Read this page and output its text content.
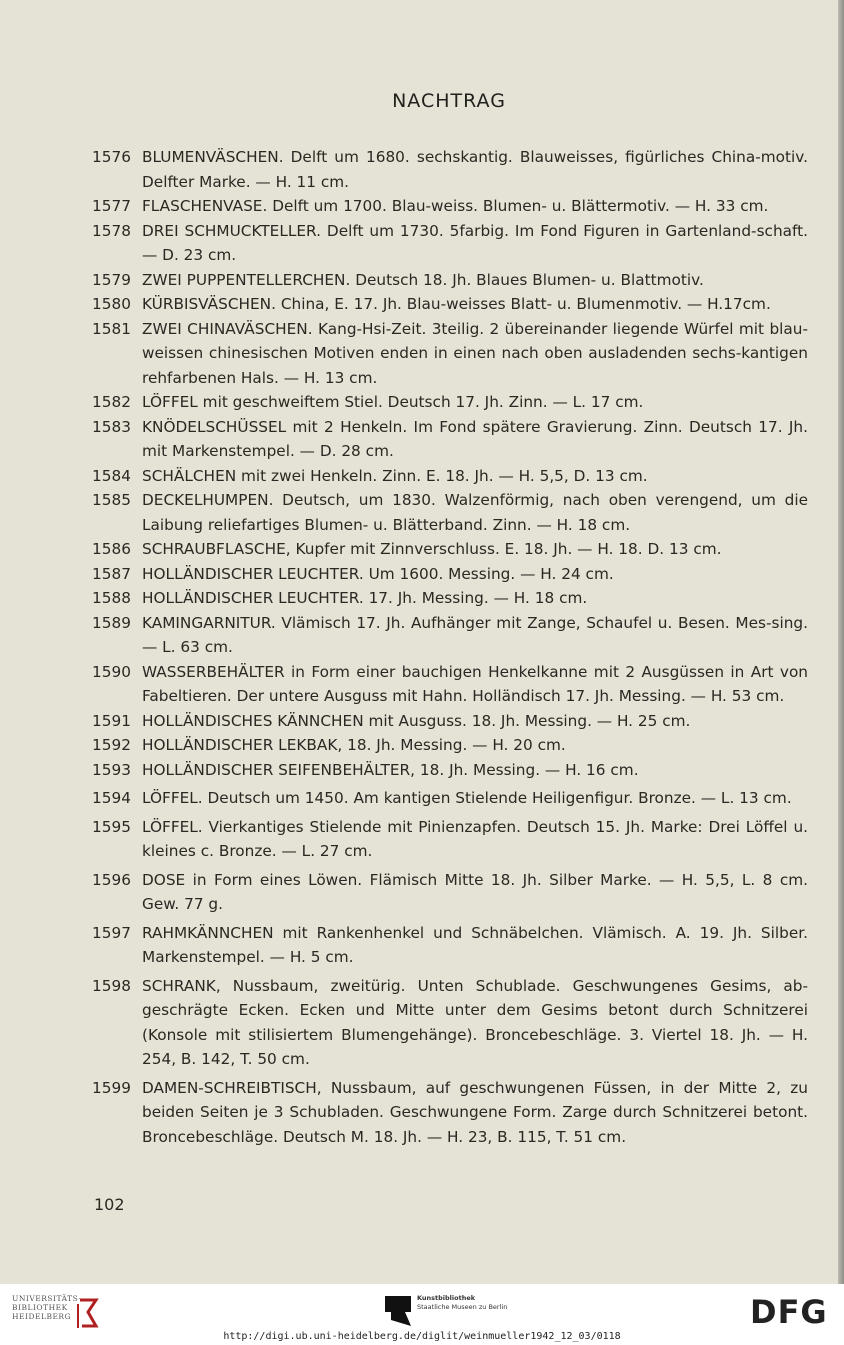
NACHTRAG
1576 BLUMENVÄSCHEN. Delft um 1680. sechskantig. Blauweisses, figürliches China-motiv. Delfter Marke. — H. 11 cm.
1577 FLASCHENVASE. Delft um 1700. Blau-weiss. Blumen- u. Blättermotiv. — H. 33 cm.
1578 DREI SCHMUCKTELLER. Delft um 1730. 5farbig. Im Fond Figuren in Gartenland-schaft. — D. 23 cm.
1579 ZWEI PUPPENTELLERCHEN. Deutsch 18. Jh. Blaues Blumen- u. Blattmotiv.
1580 KÜRBISVÄSCHEN. China, E. 17. Jh. Blau-weisses Blatt- u. Blumenmotiv. — H.17cm.
1581 ZWEI CHINAVÄSCHEN. Kang-Hsi-Zeit. 3teilig. 2 übereinander liegende Würfel mit blau-weissen chinesischen Motiven enden in einen nach oben ausladenden sechs-kantigen rehfarbenen Hals. — H. 13 cm.
1582 LÖFFEL mit geschweiftem Stiel. Deutsch 17. Jh. Zinn. — L. 17 cm.
1583 KNÖDELSCHÜSSEL mit 2 Henkeln. Im Fond spätere Gravierung. Zinn. Deutsch 17. Jh. mit Markenstempel. — D. 28 cm.
1584 SCHÄLCHEN mit zwei Henkeln. Zinn. E. 18. Jh. — H. 5,5, D. 13 cm.
1585 DECKELHUMPEN. Deutsch, um 1830. Walzenförmig, nach oben verengend, um die Laibung reliefartiges Blumen- u. Blätterband. Zinn. — H. 18 cm.
1586 SCHRAUBFLASCHE, Kupfer mit Zinnverschluss. E. 18. Jh. — H. 18. D. 13 cm.
1587 HOLLÄNDISCHER LEUCHTER. Um 1600. Messing. — H. 24 cm.
1588 HOLLÄNDISCHER LEUCHTER. 17. Jh. Messing. — H. 18 cm.
1589 KAMINGARNITUR. Vlämisch 17. Jh. Aufhänger mit Zange, Schaufel u. Besen. Mes-sing. — L. 63 cm.
1590 WASSERBEHÄLTER in Form einer bauchigen Henkelkanne mit 2 Ausgüssen in Art von Fabeltieren. Der untere Ausguss mit Hahn. Holländisch 17. Jh. Messing. — H. 53 cm.
1591 HOLLÄNDISCHES KÄNNCHEN mit Ausguss. 18. Jh. Messing. — H. 25 cm.
1592 HOLLÄNDISCHER LEKBAK, 18. Jh. Messing. — H. 20 cm.
1593 HOLLÄNDISCHER SEIFENBEHÄLTER, 18. Jh. Messing. — H. 16 cm.
1594 LÖFFEL. Deutsch um 1450. Am kantigen Stielende Heiligenfigur. Bronze. — L. 13 cm.
1595 LÖFFEL. Vierkantiges Stielende mit Pinienzapfen. Deutsch 15. Jh. Marke: Drei Löffel u. kleines c. Bronze. — L. 27 cm.
1596 DOSE in Form eines Löwen. Flämisch Mitte 18. Jh. Silber Marke. — H. 5,5, L. 8 cm. Gew. 77 g.
1597 RAHMKÄNNCHEN mit Rankenhenkel und Schnäbelchen. Vlämisch. A. 19. Jh. Silber. Markenstempel. — H. 5 cm.
1598 SCHRANK, Nussbaum, zweitürig. Unten Schublade. Geschwungenes Gesims, ab-geschrägte Ecken. Ecken und Mitte unter dem Gesims betont durch Schnitzerei (Konsole mit stilisiertem Blumengehänge). Broncebeschläge. 3. Viertel 18. Jh. — H. 254, B. 142, T. 50 cm.
1599 DAMEN-SCHREIBTISCH, Nussbaum, auf geschwungenen Füssen, in der Mitte 2, zu beiden Seiten je 3 Schubladen. Geschwungene Form. Zarge durch Schnitzerei betont. Broncebeschläge. Deutsch M. 18. Jh. — H. 23, B. 115, T. 51 cm.
102
UNIVERSITÄTS-
BIBLIOTHEK
HEIDELBERG
Kunstbibliothek
Staatliche Museen zu Berlin	DFG
http://digi.ub.uni-heidelberg.de/diglit/weinmueller1942_12_03/0118
